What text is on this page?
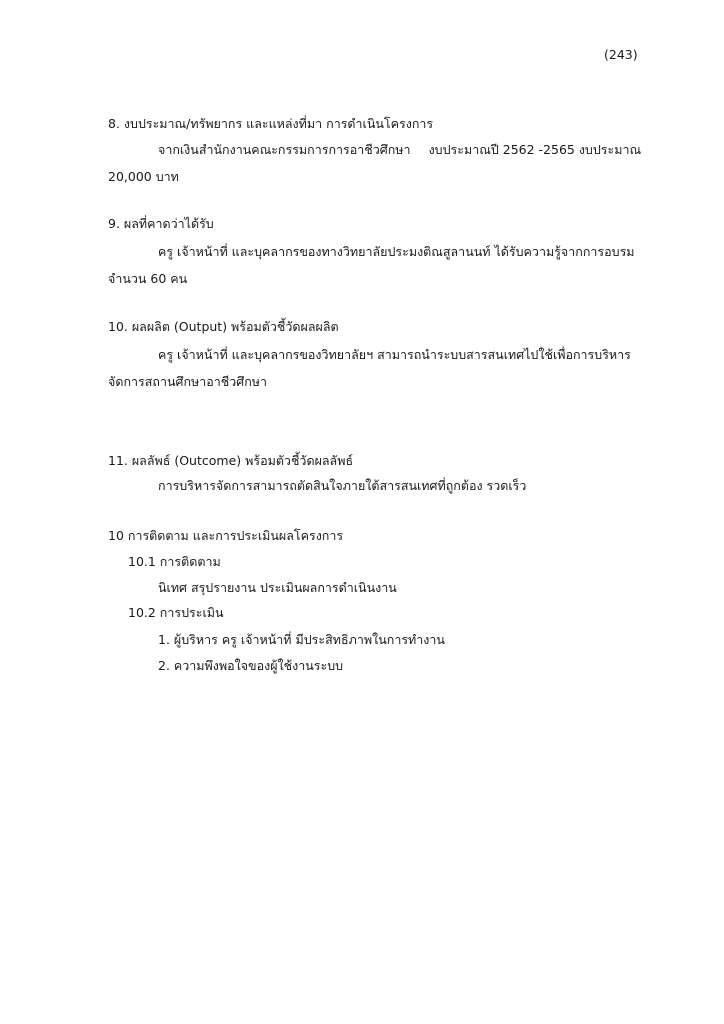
(243)
8. งบประมาณ/ทรัพยากร และแหล่งที่มา การดำเนินโครงการ
จากเงินสำนักงานคณะกรรมการการอาชีวศึกษา งบประมาณปี 2562 -2565 งบประมาณ
20,000 บาท
9. ผลที่คาดว่าได้รับ
ครู เจ้าหน้าที่ และบุคลากรของทางวิทยาลัยประมงติณสูลานนท์ ได้รับความรู้จากการอบรม
จำนวน 60 คน
10. ผลผลิต (Output) พร้อมตัวชี้วัดผลผลิต
ครู เจ้าหน้าที่ และบุคลากรของวิทยาลัยฯ สามารถนำระบบสารสนเทศไปใช้เพื่อการบริหาร
จัดการสถานศึกษาอาชีวศึกษา
11. ผลลัพธ์ (Outcome) พร้อมตัวชี้วัดผลลัพธ์
การบริหารจัดการสามารถตัดสินใจภายใต้สารสนเทศที่ถูกต้อง รวดเร็ว
10 การติดตาม และการประเมินผลโครงการ
10.1 การติดตาม
นิเทศ สรุปรายงาน ประเมินผลการดำเนินงาน
10.2 การประเมิน
1. ผู้บริหาร ครู เจ้าหน้าที่ มีประสิทธิภาพในการทำงาน
2. ความพึงพอใจของผู้ใช้งานระบบ
